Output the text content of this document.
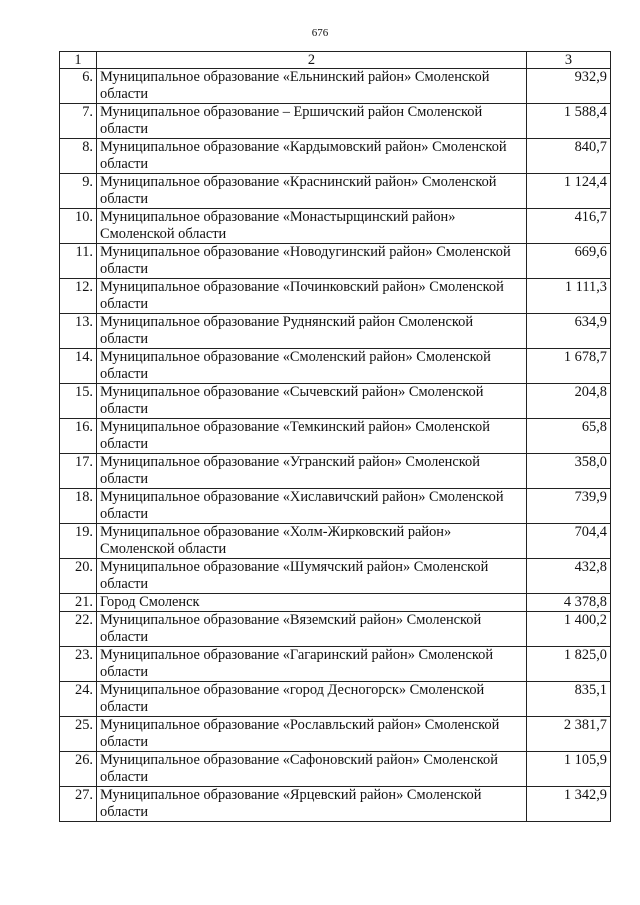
676
1	2	3
6.	Муниципальное образование «Ельнинский район» Смоленской области	932,9
7.	Муниципальное образование – Ершичский район Смоленской области	1 588,4
8.	Муниципальное образование «Кардымовский район» Смоленской области	840,7
9.	Муниципальное образование «Краснинский район» Смоленской области	1 124,4
10.	Муниципальное образование «Монастырщинский район» Смоленской области	416,7
11.	Муниципальное образование «Новодугинский район» Смоленской области	669,6
12.	Муниципальное образование «Починковский район» Смоленской области	1 111,3
13.	Муниципальное образование Руднянский район Смоленской области	634,9
14.	Муниципальное образование «Смоленский район» Смоленской области	1 678,7
15.	Муниципальное образование «Сычевский район» Смоленской области	204,8
16.	Муниципальное образование «Темкинский район» Смоленской области	65,8
17.	Муниципальное образование «Угранский район» Смоленской области	358,0
18.	Муниципальное образование «Хиславичский район» Смоленской области	739,9
19.	Муниципальное образование «Холм-Жирковский район» Смоленской области	704,4
20.	Муниципальное образование «Шумячский район» Смоленской области	432,8
21.	Город Смоленск	4 378,8
22.	Муниципальное образование «Вяземский район» Смоленской области	1 400,2
23.	Муниципальное образование «Гагаринский район» Смоленской области	1 825,0
24.	Муниципальное образование «город Десногорск» Смоленской области	835,1
25.	Муниципальное образование «Рославльский район» Смоленской области	2 381,7
26.	Муниципальное образование «Сафоновский район» Смоленской области	1 105,9
27.	Муниципальное образование «Ярцевский район» Смоленской области	1 342,9
